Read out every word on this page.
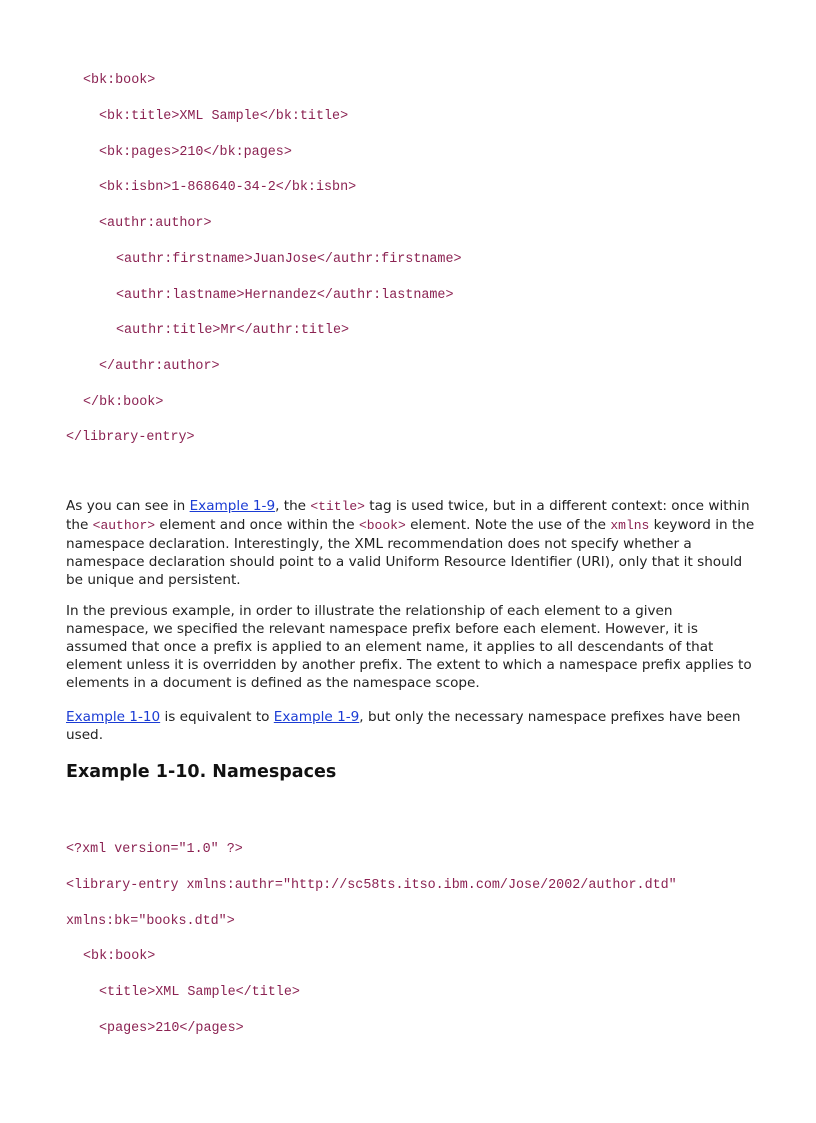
<bk:book>
<bk:title>XML Sample</bk:title>
<bk:pages>210</bk:pages>
<bk:isbn>1-868640-34-2</bk:isbn>
<authr:author>
<authr:firstname>JuanJose</authr:firstname>
<authr:lastname>Hernandez</authr:lastname>
<authr:title>Mr</authr:title>
</authr:author>
</bk:book>
</library-entry>

As you can see in Example 1-9, the <title> tag is used twice, but in a different context: once within the <author> element and once within the <book> element. Note the use of the xmlns keyword in the namespace declaration. Interestingly, the XML recommendation does not specify whether a namespace declaration should point to a valid Uniform Resource Identifier (URI), only that it should be unique and persistent.

In the previous example, in order to illustrate the relationship of each element to a given namespace, we specified the relevant namespace prefix before each element. However, it is assumed that once a prefix is applied to an element name, it applies to all descendants of that element unless it is overridden by another prefix. The extent to which a namespace prefix applies to elements in a document is defined as the namespace scope.

Example 1-10 is equivalent to Example 1-9, but only the necessary namespace prefixes have been used.

Example 1-10. Namespaces
<?xml version="1.0" ?>
<library-entry xmlns:authr="http://sc58ts.itso.ibm.com/Jose/2002/author.dtd"
xmlns:bk="books.dtd">
<bk:book>
<title>XML Sample</title>
<pages>210</pages>
